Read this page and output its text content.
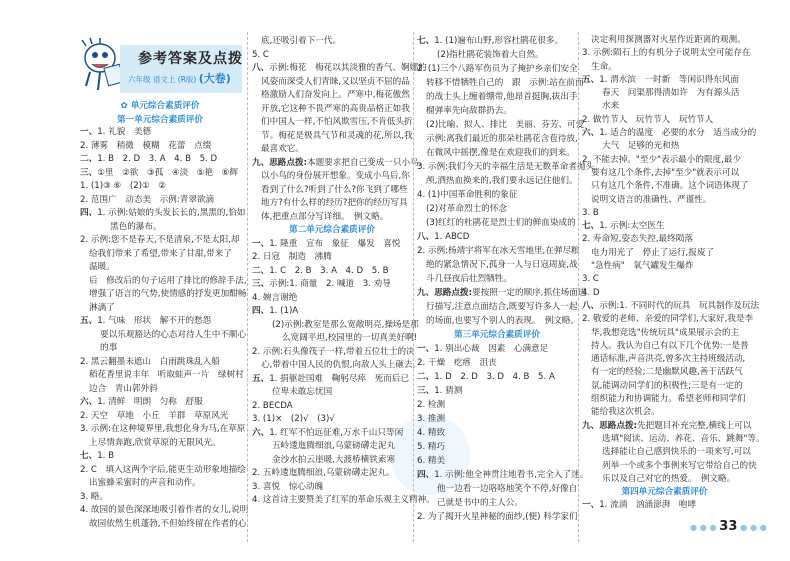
参考答案及点拨
六年级 语文上 (R版) (大卷)
✿ 单元综合素质评价
第一单元综合素质评价
一、1. 礼貌　美德
2. 薄雾　稍微　模糊　花蕾　点缀
二、1. B　2. D　3. A　4. B　5. D
三、①里　②欲　③孤　④淡　⑤艳　⑥辉
1. (1)③ ⑥　(2)①　②
2. 范围广　动态美　示例:青翠欲滴
四、1. 示例:姑娘的头发长长的,黑黑的,恰如
黑色的瀑布。
2. 示例:您不是春天,不是清泉,不是太阳,却
给我们带来了希望,带来了甘甜,带来了
温暖。
后　修改后的句子运用了排比的修辞手法,
增强了语言的气势,使情感的抒发更加酣畅
淋漓了
五、1. 气味　形状　解不开的愁怨
要以乐观豁达的心态对待人生中不顺心
的事
2. 黑云翻墨未遮山　白雨跳珠乱入船
稻花香里说丰年　听取蛙声一片　绿树村
边合　青山郭外斜
六、1. 清鲜　明朗　匀称　舒服
2. 天空　草地　小丘　羊群　草原风光
3. 示例:在这种境界里,我想化身为马,在草原
上尽情奔跑,欣赏草原的无限风光。
七、1. B
2. C　填入这两个字后,能更生动形象地描绘
出蜜蜂采蜜时的声音和动作。
3. 略。
4. 故园的景色深深地吸引着作者的女儿,说明
故园依然生机蓬勃,不但始终留在作者的心
底,还吸引着下一代。
5. C
八、示例:梅花　梅花以其淡雅的香气、婀娜的
风姿而深受人们青睐,又以坚贞不屈的品
格激励人们奋发向上。严寒中,梅花傲然
开放,它这种不畏严寒的高贵品格正如我
们中国人一样,不怕风欺雪压,不肯低头折
节。梅花是极具气节和灵魂的花,所以,我
最喜欢它。
九、思路点拨:本题要求把自己变成一只小鸟,
以小鸟的身份展开想象。变成小鸟后,你
看到了什么?听到了什么?你飞到了哪些
地方?有什么样的经历?把你的经历写具
体,把重点部分写详细。　例文略。
第二单元综合素质评价
一、1. 隆重　宣布　象征　爆发　喜悦
2. 日寇　制造　沸腾
二、1. C　2. B　3. A　4. D　5. B
三、示例:1. 商量　2. 喊道　3. 劝导
4. 婉言谢绝
四、1. (1)A
(2)示例:教室是那么宽敞明亮,操场是那
么宽阔平坦,校园里的一切真美好啊!
2. 示例:石头像筏子一样,带着五位壮士的决
心,带着中国人民的仇恨,向敌人头上砸去。
五、1. 捐躯赴国难　鞠躬尽瘁　死而后已
位卑未敢忘忧国
2. BECDA
3. (1)×　(2)√　(3)√
六、1. 红军不怕远征难,万水千山只等闲
五岭逶迤腾细浪,乌蒙磅礴走泥丸
金沙水拍云崖暖,大渡桥横铁索寒
2. 五岭逶迤腾细浪,乌蒙磅礴走泥丸。
3. 喜悦　惊心动魄
4. 这首诗主要赞美了红军的革命乐观主义精神。
七、1. (1)遍布山野,形容杜鹃花很多。
(2)指杜鹃花装饰着大自然。
2. (1)三个八路军伤员为了掩护乡亲们安全
转移不惜牺牲自己的　跟　示例:站在前面
的战士头上缠着绷带,他昂首挺胸,拔出手
榴弹率先向敌群扔去。
(2)比喻、拟人、排比　美丽、芬芳、可爱
示例:离我们最近的那朵杜鹃花含苞待放,
在微风中摇摆,像是在欢迎我们的到来。
3. 示例:我们今天的幸福生活是无数革命者抛头
颅,洒热血换来的,我们要永远记住他们。
4. (1)中国革命胜利的象征
(2)对革命烈士的怀念
(3)红红的杜鹃花是烈士们的鲜血染成的
八、1. ABCD
2. 示例:杨靖宇将军在冰天雪地里,在弹尽粮
绝的紧急情况下,孤身一人与日寇周旋,战
斗几昼夜后壮烈牺牲。
九、思路点拨:要按照一定的顺序,抓住场面进
行描写,注意点面结合,既要写许多人一起
的场面,也要写个别人的表现。　例文略。
第三单元综合素质评价
一、1. 别出心裁　因素　心满意足
2. 干燥　疙瘩　沮丧
二、1. D　2. D　3. D　4. B　5. A
三、1. 猜测
2. 检测
3. 推测
4. 精致
5. 精巧
6. 精美
四、1. 示例:他全神贯注地看书,完全入了迷。
他一边看一边咯咯地笑个不停,好像自
己就是书中的主人公。
2. 为了揭开火星神秘的面纱,(便) 科学家们
决定利用探测器对火星作近距离的观测。
3. 示例:陨石上的有机分子说明太空可能存在
生命。
五、1. 渭水滨　一时新　等闲识得东风面
春天　问渠那得清如许　为有源头活
水来
2. 做竹节人　玩竹节人　玩竹节人
六、1. 适合的温度　必要的水分　适当成分的
大气　足够的光和热
2. 不能去掉。"至少"表示最小的限度,最少
要有这几个条件,去掉"至少"就表示可以
只有这几个条件,不准确。这个词语体现了
说明文语言的准确性、严谨性。
3. B
七、1. 示例:太空医生
2. 寿命短,姿态失控,最终陨落
电力用光了　停止了运行,报废了
"急性病"　氧气罐发生爆炸
3. C
4. D
八、示例:1. 不同时代的玩具　玩具制作及玩法
2. 敬爱的老师、亲爱的同学们,大家好,我是李
华,我想竞选"传统玩具"成果展示会的主
持人。我认为自己有以下几个优势:一是普
通话标准,声音洪亮,曾多次主持班级活动,
有一定的经验;二是幽默风趣,善于活跃气
氛,能调动同学们的积极性;三是有一定的
组织能力和协调能力。希望老师和同学们
能给我这次机会。
九、思路点拨:先把题目补充完整,横线上可以
选填"阅读、运动、养花、音乐、跳舞"等。
选择能让自己感到快乐的一项来写,可以
列举一个或多个事例来写它带给自己的快
乐以及自己对它的热爱。　例文略。
第四单元综合素质评价
一、1. 流淌　汹涌澎湃　咆哮
● ● ● 33 ● ● ●
